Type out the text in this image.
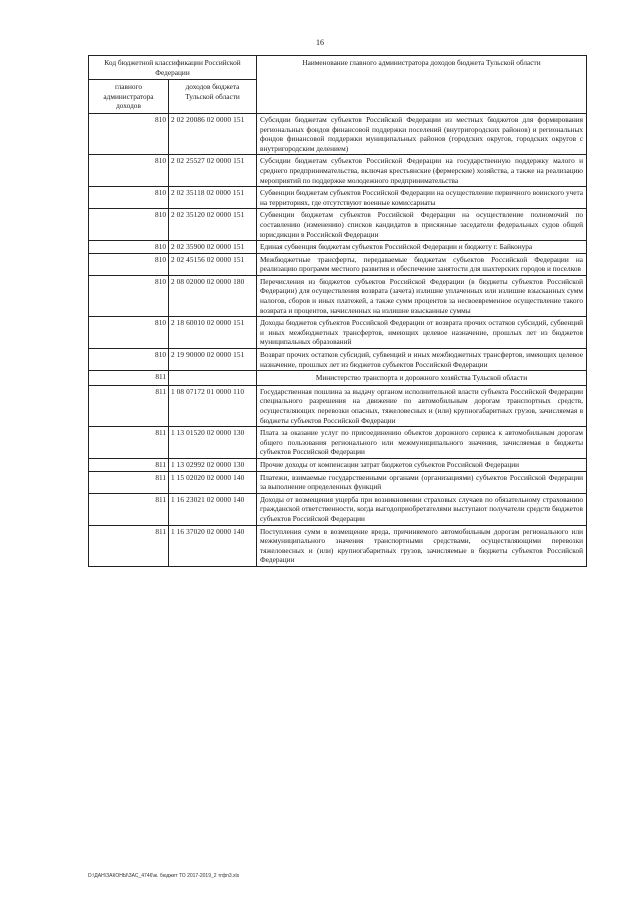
16
Код бюджетной классификации Российской Федерации		Наименование главного администратора доходов бюджета Тульской области
главного администратора доходов	доходов бюджета Тульской области	
810	2 02 20086 02 0000 151	Субсидии бюджетам субъектов Российской Федерации из местных бюджетов для формирования региональных фондов финансовой поддержки поселений (внутригородских районов) и региональных фондов финансовой поддержки муниципальных районов (городских округов, городских округов с внутригородским делением)
810	2 02 25527 02 0000 151	Субсидии бюджетам субъектов Российской Федерации на государственную поддержку малого и среднего предпринимательства, включая крестьянские (фермерские) хозяйства, а также на реализацию мероприятий по поддержке молодежного предпринимательства
810	2 02 35118 02 0000 151	Субвенции бюджетам субъектов Российской Федерации на осуществление первичного воинского учета на территориях, где отсутствуют военные комиссариаты
810	2 02 35120 02 0000 151	Субвенции бюджетам субъектов Российской Федерации на осуществление полномочий по составлению (изменению) списков кандидатов в присяжные заседатели федеральных судов общей юрисдикции в Российской Федерации
810	2 02 35900 02 0000 151	Единая субвенция бюджетам субъектов Российской Федерации и бюджету г. Байконура
810	2 02 45156 02 0000 151	Межбюджетные трансферты, передаваемые бюджетам субъектов Российской Федерации на реализацию программ местного развития и обеспечение занятости для шахтерских городов и поселков
810	2 08 02000 02 0000 180	Перечисления из бюджетов субъектов Российской Федерации (в бюджеты субъектов Российской Федерации) для осуществления возврата (зачета) излишне уплаченных или излишне взысканных сумм налогов, сборов и иных платежей, а также сумм процентов за несвоевременное осуществление такого возврата и процентов, начисленных на излишне взысканные суммы
810	2 18 60010 02 0000 151	Доходы бюджетов субъектов Российской Федерации от возврата прочих остатков субсидий, субвенций и иных межбюджетных трансфертов, имеющих целевое назначение, прошлых лет из бюджетов муниципальных образований
810	2 19 90000 02 0000 151	Возврат прочих остатков субсидий, субвенций и иных межбюджетных трансфертов, имеющих целевое назначение, прошлых лет из бюджетов субъектов Российской Федерации
811		Министерство транспорта и дорожного хозяйства Тульской области
811	1 08 07172 01 0000 110	Государственная пошлина за выдачу органом исполнительной власти субъекта Российской Федерации специального разрешения на движение по автомобильным дорогам транспортных средств, осуществляющих перевозки опасных, тяжеловесных и (или) крупногабаритных грузов, зачисляемая в бюджеты субъектов Российской Федерации
811	1 13 01520 02 0000 130	Плата за оказание услуг по присоединению объектов дорожного сервиса к автомобильным дорогам общего пользования регионального или межмуниципального значения, зачисляемая в бюджеты субъектов Российской Федерации
811	1 13 02992 02 0000 130	Прочие доходы от компенсации затрат бюджетов субъектов Российской Федерации
811	1 15 02020 02 0000 140	Платежи, взимаемые государственными органами (организациями) субъектов Российской Федерации за выполнение определенных функций
811	1 16 23021 02 0000 140	Доходы от возмещения ущерба при возникновении страховых случаев по обязательному страхованию гражданской ответственности, когда выгодоприобретателями выступают получатели средств бюджетов субъектов Российской Федерации
811	1 16 37020 02 0000 140	Поступления сумм в возмещение вреда, причиняемого автомобильным дорогам регионального или межмуниципального значения транспортными средствами, осуществляющими перевозки тяжеловесных и (или) крупногабаритных грузов, зачисляемые в бюджеты субъектов Российской Федерации
D:\ДАН\ЗАКОНЫ\ЗАС_4746\ж. бюджет ТО 2017-2019_2 тгфп3.xls
